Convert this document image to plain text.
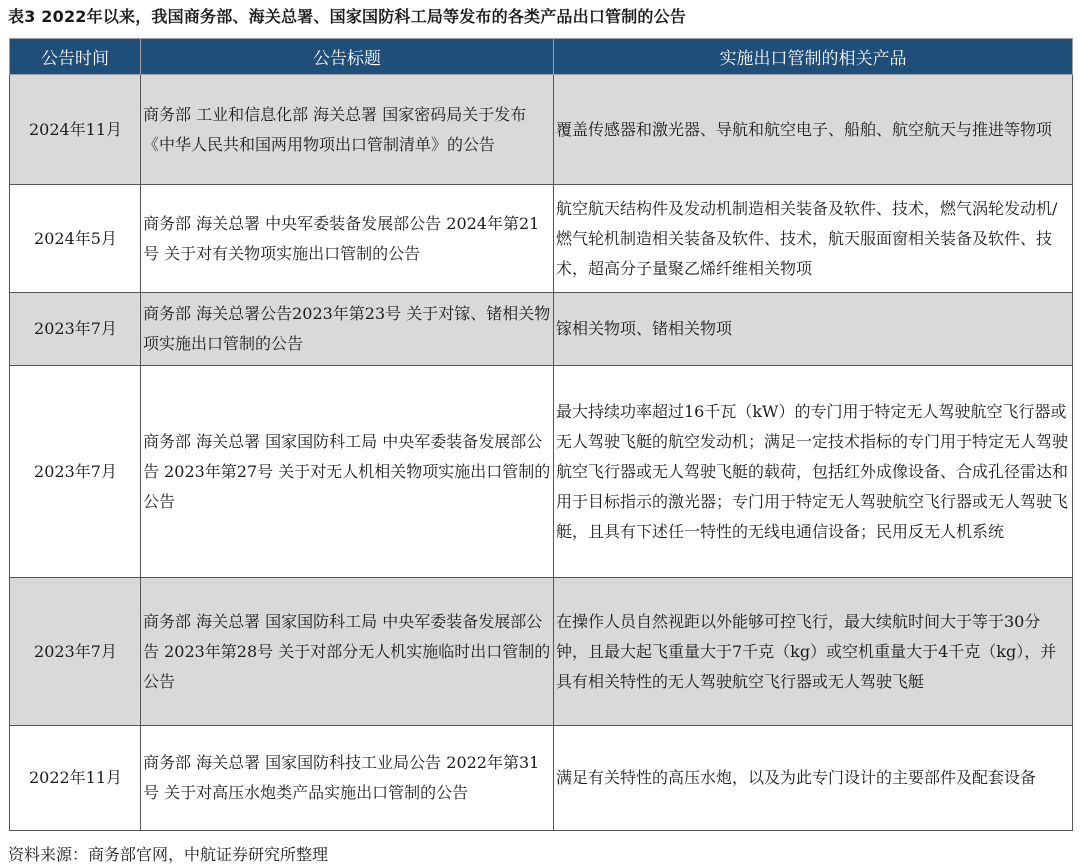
表3 2022年以来，我国商务部、海关总署、国家国防科工局等发布的各类产品出口管制的公告
公告时间	公告标题	实施出口管制的相关产品
2024年11月	商务部 工业和信息化部 海关总署 国家密码局关于发布《中华人民共和国两用物项出口管制清单》的公告	覆盖传感器和激光器、导航和航空电子、船舶、航空航天与推进等物项
2024年5月	商务部 海关总署 中央军委装备发展部公告 2024年第21号 关于对有关物项实施出口管制的公告	航空航天结构件及发动机制造相关装备及软件、技术，燃气涡轮发动机/燃气轮机制造相关装备及软件、技术，航天服面窗相关装备及软件、技术，超高分子量聚乙烯纤维相关物项
2023年7月	商务部 海关总署公告2023年第23号 关于对镓、锗相关物项实施出口管制的公告	镓相关物项、锗相关物项
2023年7月	商务部 海关总署 国家国防科工局 中央军委装备发展部公告 2023年第27号 关于对无人机相关物项实施出口管制的公告	最大持续功率超过16千瓦（kW）的专门用于特定无人驾驶航空飞行器或无人驾驶飞艇的航空发动机；满足一定技术指标的专门用于特定无人驾驶航空飞行器或无人驾驶飞艇的载荷，包括红外成像设备、合成孔径雷达和用于目标指示的激光器；专门用于特定无人驾驶航空飞行器或无人驾驶飞艇，且具有下述任一特性的无线电通信设备；民用反无人机系统
2023年7月	商务部 海关总署 国家国防科工局 中央军委装备发展部公告 2023年第28号 关于对部分无人机实施临时出口管制的公告	在操作人员自然视距以外能够可控飞行，最大续航时间大于等于30分钟，且最大起飞重量大于7千克（kg）或空机重量大于4千克（kg），并具有相关特性的无人驾驶航空飞行器或无人驾驶飞艇
2022年11月	商务部 海关总署 国家国防科技工业局公告 2022年第31号 关于对高压水炮类产品实施出口管制的公告	满足有关特性的高压水炮，以及为此专门设计的主要部件及配套设备
资料来源：商务部官网，中航证券研究所整理
